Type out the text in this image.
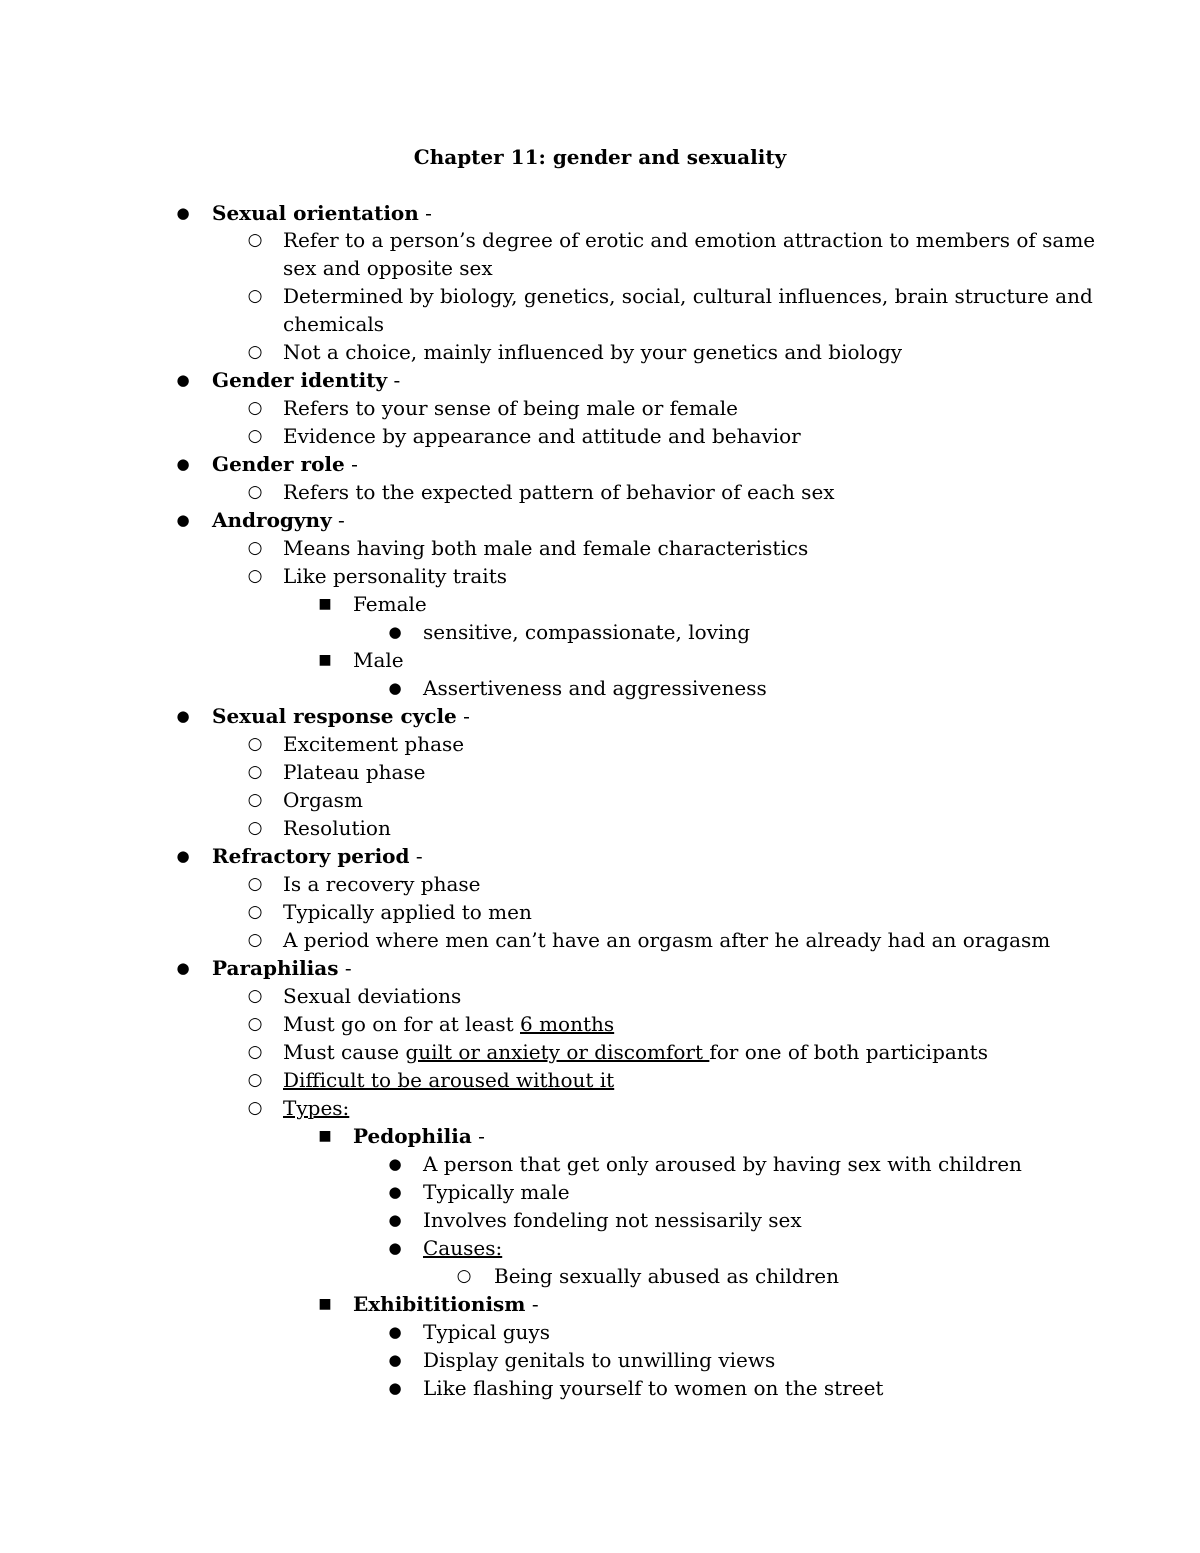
Chapter 11: gender and sexuality
● Sexual orientation -
○ Refer to a person’s degree of erotic and emotion attraction to members of same
sex and opposite sex
○ Determined by biology, genetics, social, cultural influences, brain structure and
chemicals
○ Not a choice, mainly influenced by your genetics and biology
● Gender identity -
○ Refers to your sense of being male or female
○ Evidence by appearance and attitude and behavior
● Gender role -
○ Refers to the expected pattern of behavior of each sex
● Androgyny -
○ Means having both male and female characteristics
○ Like personality traits
■ Female
● sensitive, compassionate, loving
■ Male
● Assertiveness and aggressiveness
● Sexual response cycle -
○ Excitement phase
○ Plateau phase
○ Orgasm
○ Resolution
● Refractory period -
○ Is a recovery phase
○ Typically applied to men
○ A period where men can’t have an orgasm after he already had an oragasm
● Paraphilias -
○ Sexual deviations
○ Must go on for at least 6 months
○ Must cause guilt or anxiety or discomfort for one of both participants
○ Difficult to be aroused without it
○ Types:
■ Pedophilia -
● A person that get only aroused by having sex with children
● Typically male
● Involves fondeling not nessisarily sex
● Causes:
○ Being sexually abused as children
■ Exhibititionism -
● Typical guys
● Display genitals to unwilling views
● Like flashing yourself to women on the street
